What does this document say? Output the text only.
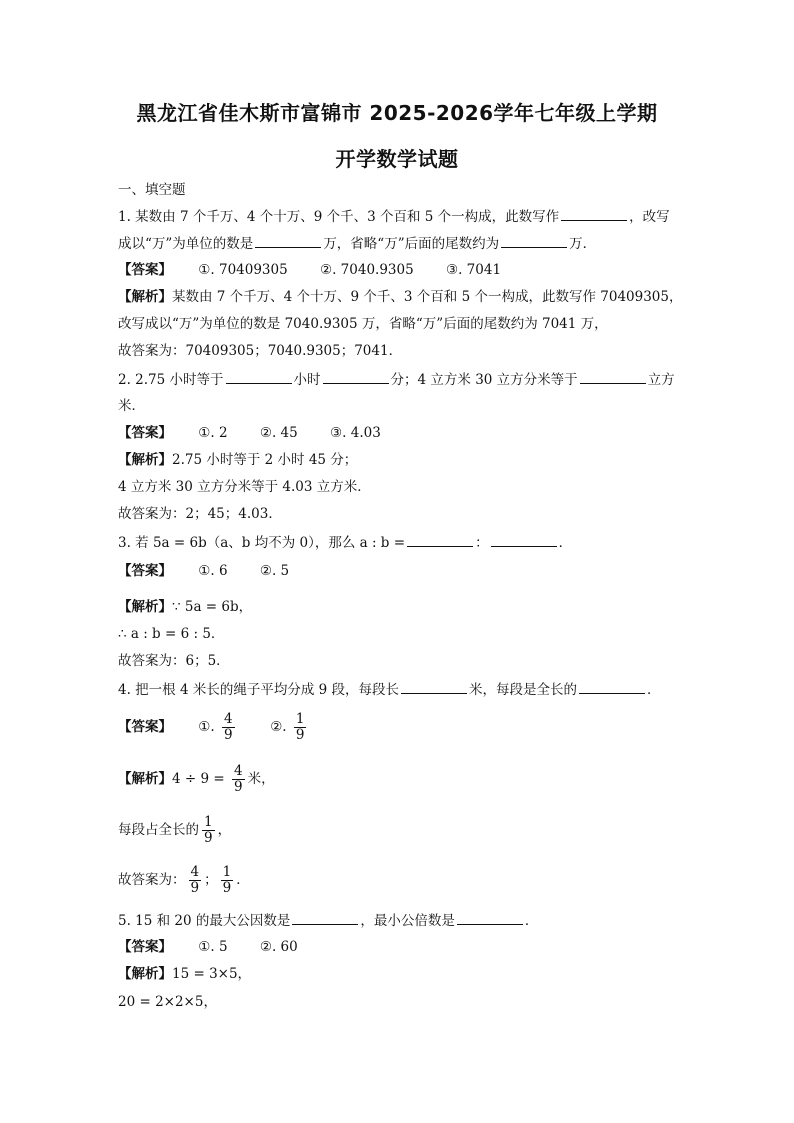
黑龙江省佳木斯市富锦市 2025-2026学年七年级上学期
开学数学试题
一、填空题
1. 某数由 7 个千万、4 个十万、9 个千、3 个百和 5 个一构成，此数写作	，改写
成以“万”为单位的数是	万，省略“万”后面的尾数约为	万．
【答案】 ①. 70409305 ②. 7040.9305 ③. 7041
【解析】某数由 7 个千万、4 个十万、9 个千、3 个百和 5 个一构成，此数写作 70409305，
改写成以“万”为单位的数是 7040.9305 万，省略“万”后面的尾数约为 7041 万，
故答案为：70409305；7040.9305；7041．
2. 2.75 小时等于	小时	分；4 立方米 30 立方分米等于	立方
米．
【答案】 ①. 2 ②. 45 ③. 4.03
【解析】2.75 小时等于 2 小时 45 分；
4 立方米 30 立方分米等于 4.03 立方米．
故答案为：2；45；4.03．
3. 若 5a = 6b（a、b 均不为 0），那么 a : b =	：	．
【答案】 ①. 6 ②. 5
【解析】∵ 5a = 6b，
∴ a : b = 6 : 5．
故答案为：6；5．
4. 把一根 4 米长的绳子平均分成 9 段，每段长	米，每段是全长的	．
【答案】 ①. $\frac{4}{9}$	②. $\frac{1}{9}$
【解析】$4 \div 9 = \frac{4}{9}$ 米，
每段占全长的 $\frac{1}{9}$ ，
故答案为： $\frac{4}{9}$ ； $\frac{1}{9}$ ．
5. 15 和 20 的最大公因数是	，最小公倍数是	．
【答案】 ①. 5 ②. 60
【解析】15 = 3×5，
20 = 2×2×5，
